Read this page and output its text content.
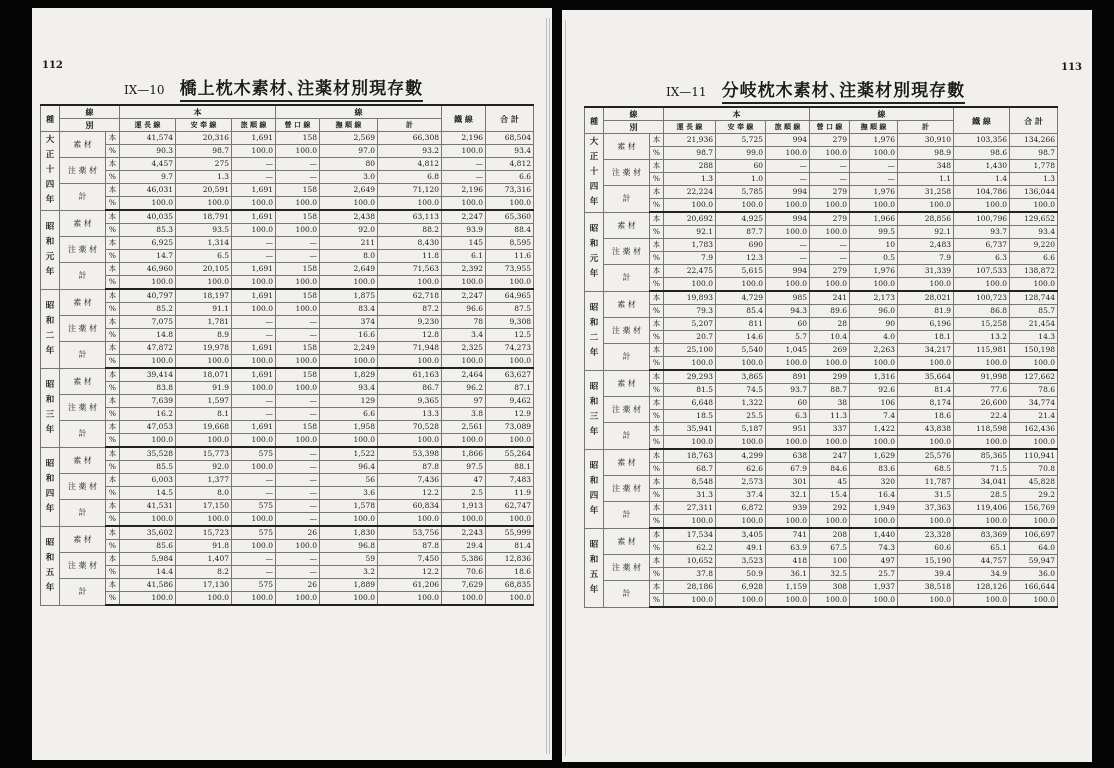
112
IX—10 橋上枕木素材､注薬材別現存數
種	線		本			線			鐵 線	合 計
	別		運 長 線	安 奉 線	旅 順 線	營 口 線	撫 順 線	計		
大
正
十
四
年	素 材	本	41,574	20,316	1,691	158	2,569	66,308	2,196	68,504
		%	90.3	98.7	100.0	100.0	97.0	93.2	100.0	93.4
	注 薬 材	本	4,457	275	—	—	80	4,812	—	4,812
		%	9.7	1.3	—	—	3.0	6.8	—	6.6
	計	本	46,031	20,591	1,691	158	2,649	71,120	2,196	73,316
		%	100.0	100.0	100.0	100.0	100.0	100.0	100.0	100.0
昭
和
元
年	素 材	本	40,035	18,791	1,691	158	2,438	63,113	2,247	65,360
		%	85.3	93.5	100.0	100.0	92.0	88.2	93.9	88.4
	注 薬 材	本	6,925	1,314	—	—	211	8,430	145	8,595
		%	14.7	6.5	—	—	8.0	11.8	6.1	11.6
	計	本	46,960	20,105	1,691	158	2,649	71,563	2,392	73,955
		%	100.0	100.0	100.0	100.0	100.0	100.0	100.0	100.0
昭
和
二
年	素 材	本	40,797	18,197	1,691	158	1,875	62,718	2,247	64,965
		%	85.2	91.1	100.0	100.0	83.4	87.2	96.6	87.5
	注 薬 材	本	7,075	1,781	—	—	374	9,230	78	9,308
		%	14.8	8.9	—	—	16.6	12.8	3.4	12.5
	計	本	47,872	19,978	1,691	158	2,249	71,948	2,325	74,273
		%	100.0	100.0	100.0	100.0	100.0	100.0	100.0	100.0
昭
和
三
年	素 材	本	39,414	18,071	1,691	158	1,829	61,163	2,464	63,627
		%	83.8	91.9	100.0	100.0	93.4	86.7	96.2	87.1
	注 薬 材	本	7,639	1,597	—	—	129	9,365	97	9,462
		%	16.2	8.1	—	—	6.6	13.3	3.8	12.9
	計	本	47,053	19,668	1,691	158	1,958	70,528	2,561	73,089
		%	100.0	100.0	100.0	100.0	100.0	100.0	100.0	100.0
昭
和
四
年	素 材	本	35,528	15,773	575	—	1,522	53,398	1,866	55,264
		%	85.5	92.0	100.0	—	96.4	87.8	97.5	88.1
	注 薬 材	本	6,003	1,377	—	—	56	7,436	47	7,483
		%	14.5	8.0	—	—	3.6	12.2	2.5	11.9
	計	本	41,531	17,150	575	—	1,578	60,834	1,913	62,747
		%	100.0	100.0	100.0	—	100.0	100.0	100.0	100.0
昭
和
五
年	素 材	本	35,602	15,723	575	26	1,830	53,756	2,243	55,999
		%	85.6	91.8	100.0	100.0	96.8	87.8	29.4	81.4
	注 薬 材	本	5,984	1,407	—	—	59	7,450	5,386	12,836
		%	14.4	8.2	—	—	3.2	12.2	70.6	18.6
	計	本	41,586	17,130	575	26	1,889	61,206	7,629	68,835
		%	100.0	100.0	100.0	100.0	100.0	100.0	100.0	100.0
113
IX—11 分岐枕木素材､注薬材別現存數
種	線		本			線			鐵 線	合 計
	別		運 長 線	安 奉 線	旅 順 線	營 口 線	撫 順 線	計		
大
正
十
四
年	素 材	本	21,936	5,725	994	279	1,976	30,910	103,356	134,266
		%	98.7	99.0	100.0	100.0	100.0	98.9	98.6	98.7
	注 薬 材	本	288	60	—	—	—	348	1,430	1,778
		%	1.3	1.0	—	—	—	1.1	1.4	1.3
	計	本	22,224	5,785	994	279	1,976	31,258	104,786	136,044
		%	100.0	100.0	100.0	100.0	100.0	100.0	100.0	100.0
昭
和
元
年	素 材	本	20,692	4,925	994	279	1,966	28,856	100,796	129,652
		%	92.1	87.7	100.0	100.0	99.5	92.1	93.7	93.4
	注 薬 材	本	1,783	690	—	—	10	2,483	6,737	9,220
		%	7.9	12.3	—	—	0.5	7.9	6.3	6.6
	計	本	22,475	5,615	994	279	1,976	31,339	107,533	138,872
		%	100.0	100.0	100.0	100.0	100.0	100.0	100.0	100.0
昭
和
二
年	素 材	本	19,893	4,729	985	241	2,173	28,021	100,723	128,744
		%	79.3	85.4	94.3	89.6	96.0	81.9	86.8	85.7
	注 薬 材	本	5,207	811	60	28	90	6,196	15,258	21,454
		%	20.7	14.6	5.7	10.4	4.0	18.1	13.2	14.3
	計	本	25,100	5,540	1,045	269	2,263	34,217	115,981	150,198
		%	100.0	100.0	100.0	100.0	100.0	100.0	100.0	100.0
昭
和
三
年	素 材	本	29,293	3,865	891	299	1,316	35,664	91,998	127,662
		%	81.5	74.5	93.7	88.7	92.6	81.4	77.6	78.6
	注 薬 材	本	6,648	1,322	60	38	106	8,174	26,600	34,774
		%	18.5	25.5	6.3	11.3	7.4	18.6	22.4	21.4
	計	本	35,941	5,187	951	337	1,422	43,838	118,598	162,436
		%	100.0	100.0	100.0	100.0	100.0	100.0	100.0	100.0
昭
和
四
年	素 材	本	18,763	4,299	638	247	1,629	25,576	85,365	110,941
		%	68.7	62.6	67.9	84.6	83.6	68.5	71.5	70.8
	注 薬 材	本	8,548	2,573	301	45	320	11,787	34,041	45,828
		%	31.3	37.4	32.1	15.4	16.4	31.5	28.5	29.2
	計	本	27,311	6,872	939	292	1,949	37,363	119,406	156,769
		%	100.0	100.0	100.0	100.0	100.0	100.0	100.0	100.0
昭
和
五
年	素 材	本	17,534	3,405	741	208	1,440	23,328	83,369	106,697
		%	62.2	49.1	63.9	67.5	74.3	60.6	65.1	64.0
	注 薬 材	本	10,652	3,523	418	100	497	15,190	44,757	59,947
		%	37.8	50.9	36.1	32.5	25.7	39.4	34.9	36.0
	計	本	28,186	6,928	1,159	308	1,937	38,518	128,126	166,644
		%	100.0	100.0	100.0	100.0	100.0	100.0	100.0	100.0
